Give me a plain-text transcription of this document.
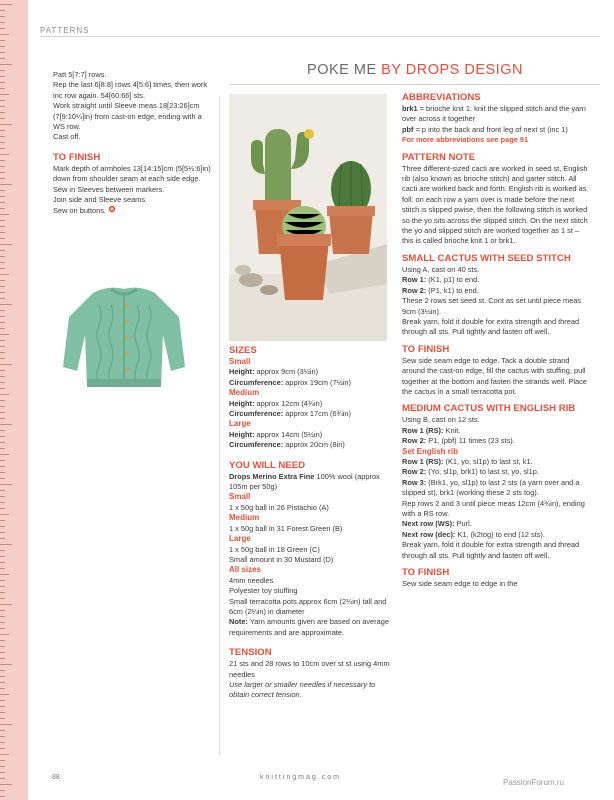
PATTERNS
POKE ME BY DROPS DESIGN

Patt 5[7:7] rows.

Rep the last 6[8:8] rows 4[5:6] times, then work inc row again. 54[60:66] sts.

Work straight until Sleeve meas 18[23:26]cm (7[9:10¼]in) from cast-on edge, ending with a WS row.

Cast off.

TO FINISH

Mark depth of armholes 13[14:15]cm (5[5½:6]in) down from shoulder seam at each side edge.

Sew in Sleeves between markers.

Join side and Sleeve seams.

Sew on buttons.

SIZES
Small

Height: approx 9cm (3½in)

Circumference: approx 19cm (7½in)

Medium

Height: approx 12cm (4¾in)

Circumference: approx 17cm (6¾in)

Large

Height: approx 14cm (5½in)

Circumference: approx 20cm (8in)

YOU WILL NEED

Drops Merino Extra Fine 100% wool (approx 105m per 50g)

Small

1 x 50g ball in 26 Pistachio (A)

Medium

1 x 50g ball in 31 Forest Green (B)

Large

1 x 50g ball in 18 Green (C)

Small amount in 30 Mustard (D)

All sizes

4mm needles

Polyester toy stuffing

Small terracotta pots approx 6cm (2¼in) tall and 6cm (2¼in) in diameter

Note: Yarn amounts given are based on average requirements and are approximate.

TENSION

21 sts and 28 rows to 10cm over st st using 4mm needles

Use larger or smaller needles if necessary to obtain correct tension.

ABBREVIATIONS

brk1 = brioche knit 1: knit the slipped stitch and the yarn over across it together

pbf = p into the back and front leg of next st (inc 1)

For more abbreviations see page 91

PATTERN NOTE

Three different-sized cacti are worked in seed st, English rib (also known as brioche stitch) and garter stitch. All cacti are worked back and forth. English rib is worked as foll: on each row a yarn over is made before the next stitch is slipped pwise, then the following stitch is worked so the yo sits across the slipped stitch. On the next stitch the yo and slipped stitch are worked together as 1 st – this is called brioche knit 1 or brk1.

SMALL CACTUS WITH SEED STITCH

Using A, cast on 40 sts.

Row 1: (K1, p1) to end.

Row 2: (P1, k1) to end.

These 2 rows set seed st. Cont as set until piece meas 9cm (3½in).

Break yarn, fold it double for extra strength and thread through all sts. Pull tightly and fasten off well.

TO FINISH

Sew side seam edge to edge. Tack a double strand around the cast-on edge, fill the cactus with stuffing, pull together at the bottom and fasten the strands well. Place the cactus in a small terracotta pot.

MEDIUM CACTUS WITH ENGLISH RIB

Using B, cast on 12 sts.

Row 1 (RS): Knit.

Row 2: P1, (pbf) 11 times (23 sts).

Set English rib

Row 1 (RS): (K1, yo, sl1p) to last st, k1.

Row 2: (Yo, sl1p, brk1) to last st, yo, sl1p.

Row 3: (Brk1, yo, sl1p) to last 2 sts (a yarn over and a slipped st), brk1 (working these 2 sts tog).

Rep rows 2 and 3 until piece meas 12cm (4¾in), ending with a RS row.

Next row (WS): Purl.

Next row (dec): K1, (k2tog) to end (12 sts).

Break yarn, fold it double for extra strength and thread through all sts. Pull tightly and fasten off well.

TO FINISH

Sew side seam edge to edge in the

88	knittingmag.com
PassionForum.ru
